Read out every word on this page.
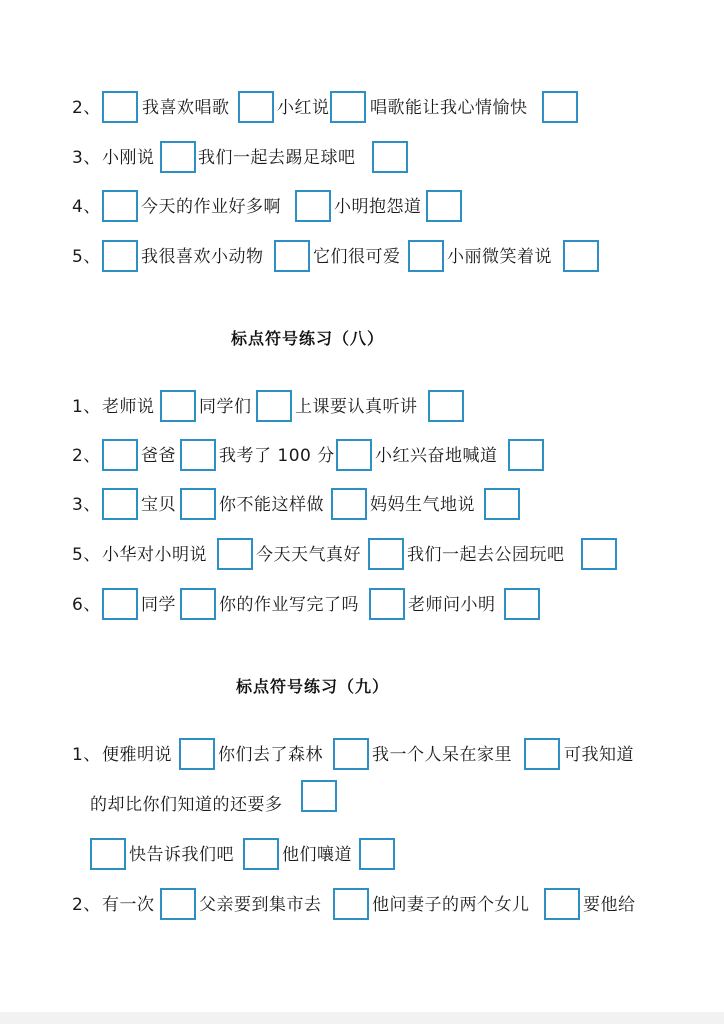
2、 我喜欢唱歌	小红说 唱歌能让我心情愉快
3、 小刚说	我们一起去踢足球吧
4、 今天的作业好多啊	小明抱怨道
5、 我很喜欢小动物	它们很可爱	小丽微笑着说
标点符号练习（八）
1、 老师说	同学们	上课要认真听讲
2、 爸爸	我考了 100 分 小红兴奋地喊道
3、 宝贝	你不能这样做	妈妈生气地说
5、 小华对小明说	今天天气真好	我们一起去公园玩吧
6、 同学	你的作业写完了吗	老师问小明
标点符号练习（九）
1、 便雅明说	你们去了森林	我一个人呆在家里	可我知道
的却比你们知道的还要多
快告诉我们吧	他们嚷道
2、 有一次	父亲要到集市去	他问妻子的两个女儿	要他给
